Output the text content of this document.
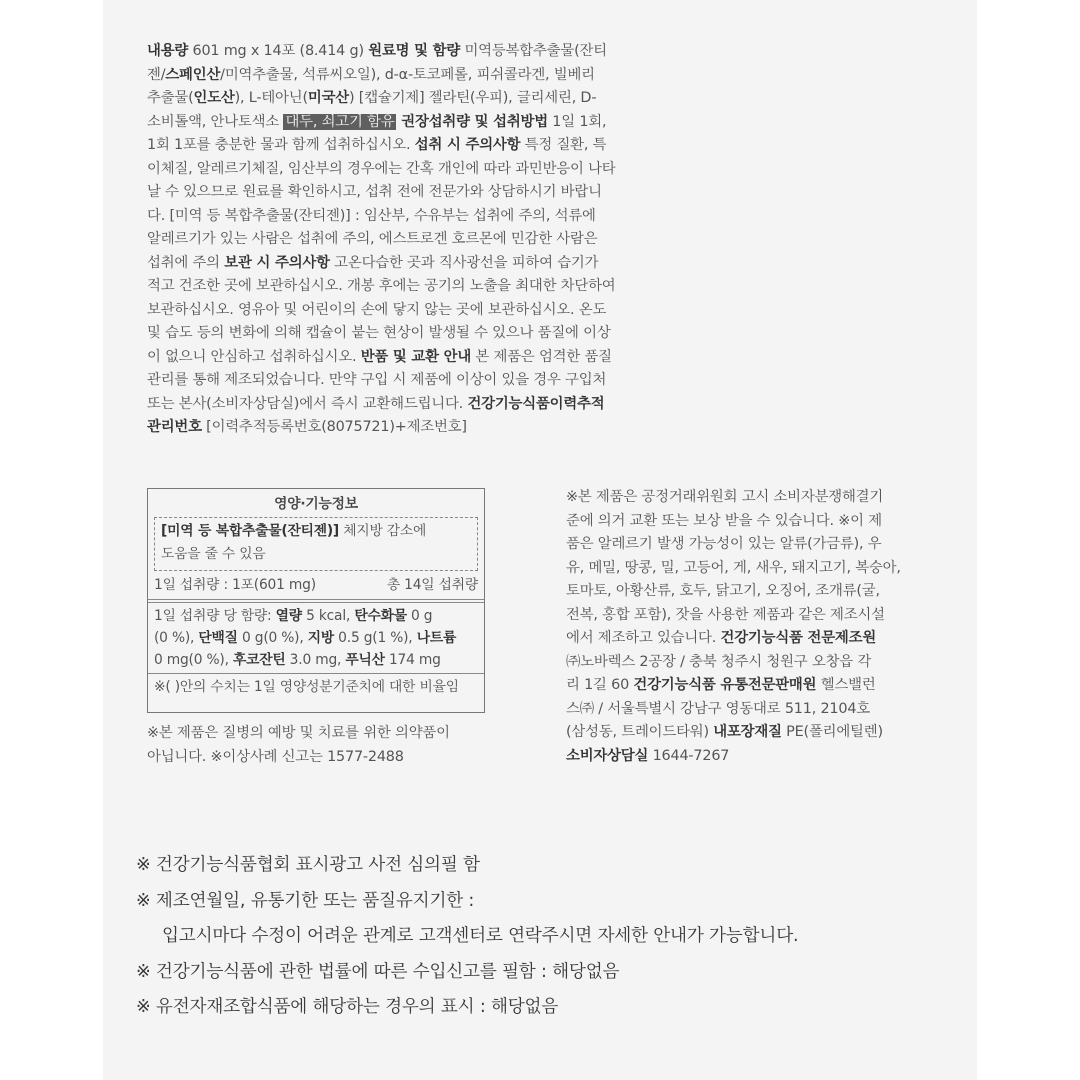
내용량 601 mg x 14포 (8.414 g) 원료명 및 함량 미역등복합추출물(잔티
젠/스페인산/미역추출물, 석류씨오일), d-α-토코페롤, 피쉬콜라겐, 빌베리
추출물(인도산), L-테아닌(미국산) [캡슐기제] 젤라틴(우피), 글리세린, D-
소비톨액, 안나토색소 대두, 쇠고기 함유 권장섭취량 및 섭취방법 1일 1회,
1회 1포를 충분한 물과 함께 섭취하십시오. 섭취 시 주의사항 특정 질환, 특
이체질, 알레르기체질, 임산부의 경우에는 간혹 개인에 따라 과민반응이 나타
날 수 있으므로 원료를 확인하시고, 섭취 전에 전문가와 상담하시기 바랍니
다. [미역 등 복합추출물(잔티젠)] : 임산부, 수유부는 섭취에 주의, 석류에
알레르기가 있는 사람은 섭취에 주의, 에스트로겐 호르몬에 민감한 사람은
섭취에 주의 보관 시 주의사항 고온다습한 곳과 직사광선을 피하여 습기가
적고 건조한 곳에 보관하십시오. 개봉 후에는 공기의 노출을 최대한 차단하여
보관하십시오. 영유아 및 어린이의 손에 닿지 않는 곳에 보관하십시오. 온도
및 습도 등의 변화에 의해 캡슐이 붙는 현상이 발생될 수 있으나 품질에 이상
이 없으니 안심하고 섭취하십시오. 반품 및 교환 안내 본 제품은 엄격한 품질
관리를 통해 제조되었습니다. 만약 구입 시 제품에 이상이 있을 경우 구입처
또는 본사(소비자상담실)에서 즉시 교환해드립니다. 건강기능식품이력추적
관리번호 [이력추적등록번호(8075721)+제조번호]
영양·기능정보
[미역 등 복합추출물(잔티젠)] 체지방 감소에
도움을 줄 수 있음
1일 섭취량 : 1포(601 mg)	총 14일 섭취량
1일 섭취량 당 함량: 열량 5 kcal, 탄수화물 0 g
(0 %), 단백질 0 g(0 %), 지방 0.5 g(1 %), 나트륨
0 mg(0 %), 후코잔틴 3.0 mg, 푸닉산 174 mg
※( )안의 수치는 1일 영양성분기준치에 대한 비율임
※본 제품은 질병의 예방 및 치료를 위한 의약품이
아닙니다. ※이상사례 신고는 1577-2488
※본 제품은 공정거래위원회 고시 소비자분쟁해결기
준에 의거 교환 또는 보상 받을 수 있습니다. ※이 제
품은 알레르기 발생 가능성이 있는 알류(가금류), 우
유, 메밀, 땅콩, 밀, 고등어, 게, 새우, 돼지고기, 복숭아,
토마토, 아황산류, 호두, 닭고기, 오징어, 조개류(굴,
전복, 홍합 포함), 잣을 사용한 제품과 같은 제조시설
에서 제조하고 있습니다. 건강기능식품 전문제조원
㈜노바렉스 2공장 / 충북 청주시 청원구 오창읍 각
리 1길 60 건강기능식품 유통전문판매원 헬스밸런
스㈜ / 서울특별시 강남구 영동대로 511, 2104호
(삼성동, 트레이드타워) 내포장재질 PE(폴리에틸렌)
소비자상담실 1644-7267
※ 건강기능식품협회 표시광고 사전 심의필 함
※ 제조연월일, 유통기한 또는 품질유지기한 :
입고시마다 수정이 어려운 관계로 고객센터로 연락주시면 자세한 안내가 가능합니다.
※ 건강기능식품에 관한 법률에 따른 수입신고를 필함 : 해당없음
※ 유전자재조합식품에 해당하는 경우의 표시 : 해당없음
